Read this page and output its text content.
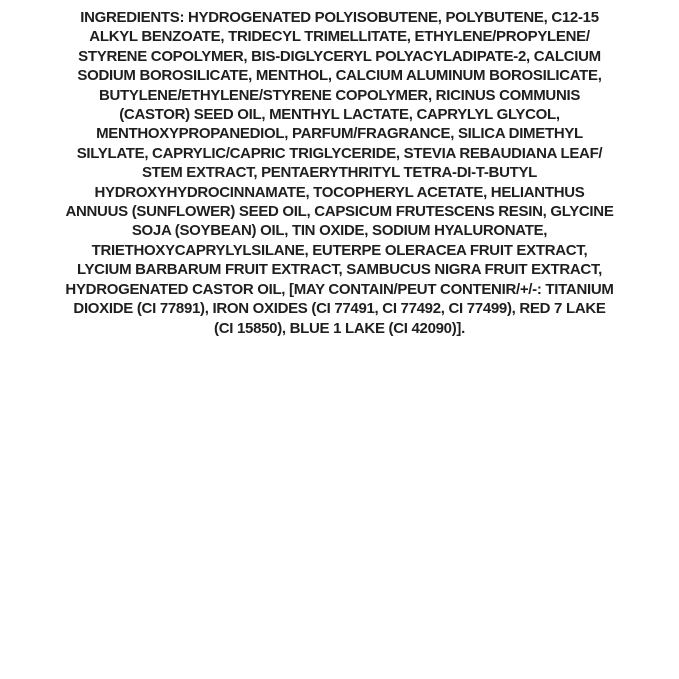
INGREDIENTS: HYDROGENATED POLYISOBUTENE, POLYBUTENE, C12-15
ALKYL BENZOATE, TRIDECYL TRIMELLITATE, ETHYLENE/PROPYLENE/
STYRENE COPOLYMER, BIS-DIGLYCERYL POLYACYLADIPATE-2, CALCIUM
SODIUM BOROSILICATE, MENTHOL, CALCIUM ALUMINUM BOROSILICATE,
BUTYLENE/ETHYLENE/STYRENE COPOLYMER, RICINUS COMMUNIS
(CASTOR) SEED OIL, MENTHYL LACTATE, CAPRYLYL GLYCOL,
MENTHOXYPROPANEDIOL, PARFUM/FRAGRANCE, SILICA DIMETHYL
SILYLATE, CAPRYLIC/CAPRIC TRIGLYCERIDE, STEVIA REBAUDIANA LEAF/
STEM EXTRACT, PENTAERYTHRITYL TETRA-DI-T-BUTYL
HYDROXYHYDROCINNAMATE, TOCOPHERYL ACETATE, HELIANTHUS
ANNUUS (SUNFLOWER) SEED OIL, CAPSICUM FRUTESCENS RESIN, GLYCINE
SOJA (SOYBEAN) OIL, TIN OXIDE, SODIUM HYALURONATE,
TRIETHOXYCAPRYLYLSILANE, EUTERPE OLERACEA FRUIT EXTRACT,
LYCIUM BARBARUM FRUIT EXTRACT, SAMBUCUS NIGRA FRUIT EXTRACT,
HYDROGENATED CASTOR OIL, [MAY CONTAIN/PEUT CONTENIR/+/-: TITANIUM
DIOXIDE (CI 77891), IRON OXIDES (CI 77491, CI 77492, CI 77499), RED 7 LAKE
(CI 15850), BLUE 1 LAKE (CI 42090)].
